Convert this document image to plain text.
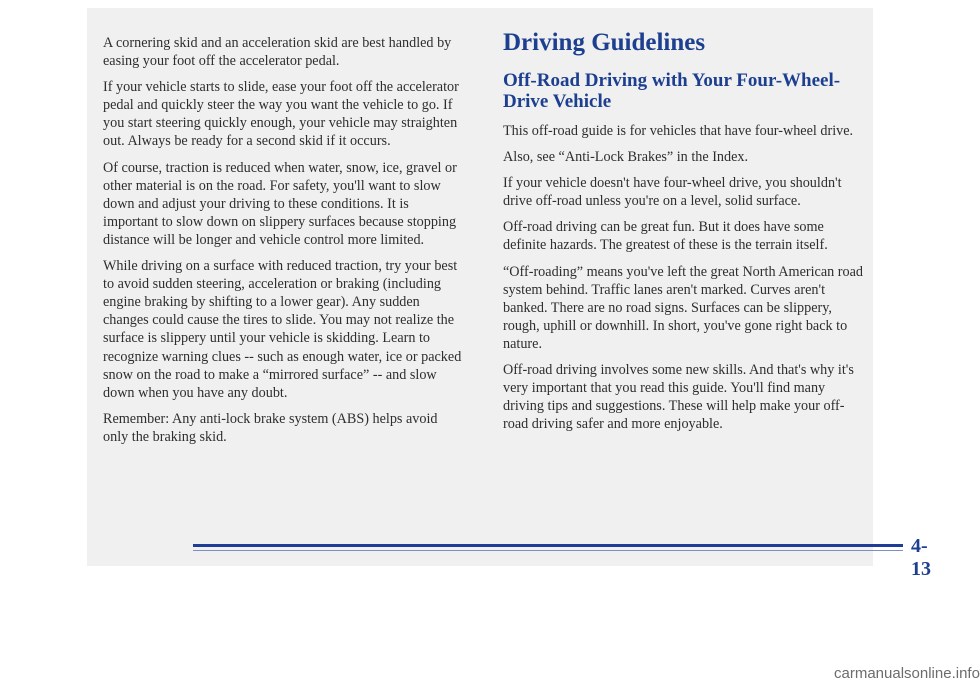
A cornering skid and an acceleration skid are best handled by easing your foot off the accelerator pedal.

If your vehicle starts to slide, ease your foot off the accelerator pedal and quickly steer the way you want the vehicle to go. If you start steering quickly enough, your vehicle may straighten out. Always be ready for a second skid if it occurs.

Of course, traction is reduced when water, snow, ice, gravel or other material is on the road. For safety, you'll want to slow down and adjust your driving to these conditions. It is important to slow down on slippery surfaces because stopping distance will be longer and vehicle control more limited.

While driving on a surface with reduced traction, try your best to avoid sudden steering, acceleration or braking (including engine braking by shifting to a lower gear). Any sudden changes could cause the tires to slide. You may not realize the surface is slippery until your vehicle is skidding. Learn to recognize warning clues -- such as enough water, ice or packed snow on the road to make a “mirrored surface” -- and slow down when you have any doubt.

Remember: Any anti-lock brake system (ABS) helps avoid only the braking skid.

Driving Guidelines
Off-Road Driving with Your Four-Wheel-Drive Vehicle

This off-road guide is for vehicles that have four-wheel drive.

Also, see “Anti-Lock Brakes” in the Index.

If your vehicle doesn't have four-wheel drive, you shouldn't drive off-road unless you're on a level, solid surface.

Off-road driving can be great fun. But it does have some definite hazards. The greatest of these is the terrain itself.

“Off-roading” means you've left the great North American road system behind. Traffic lanes aren't marked. Curves aren't banked. There are no road signs. Surfaces can be slippery, rough, uphill or downhill. In short, you've gone right back to nature.

Off-road driving involves some new skills. And that's why it's very important that you read this guide. You'll find many driving tips and suggestions. These will help make your off-road driving safer and more enjoyable.

4-13
carmanualsonline.info
